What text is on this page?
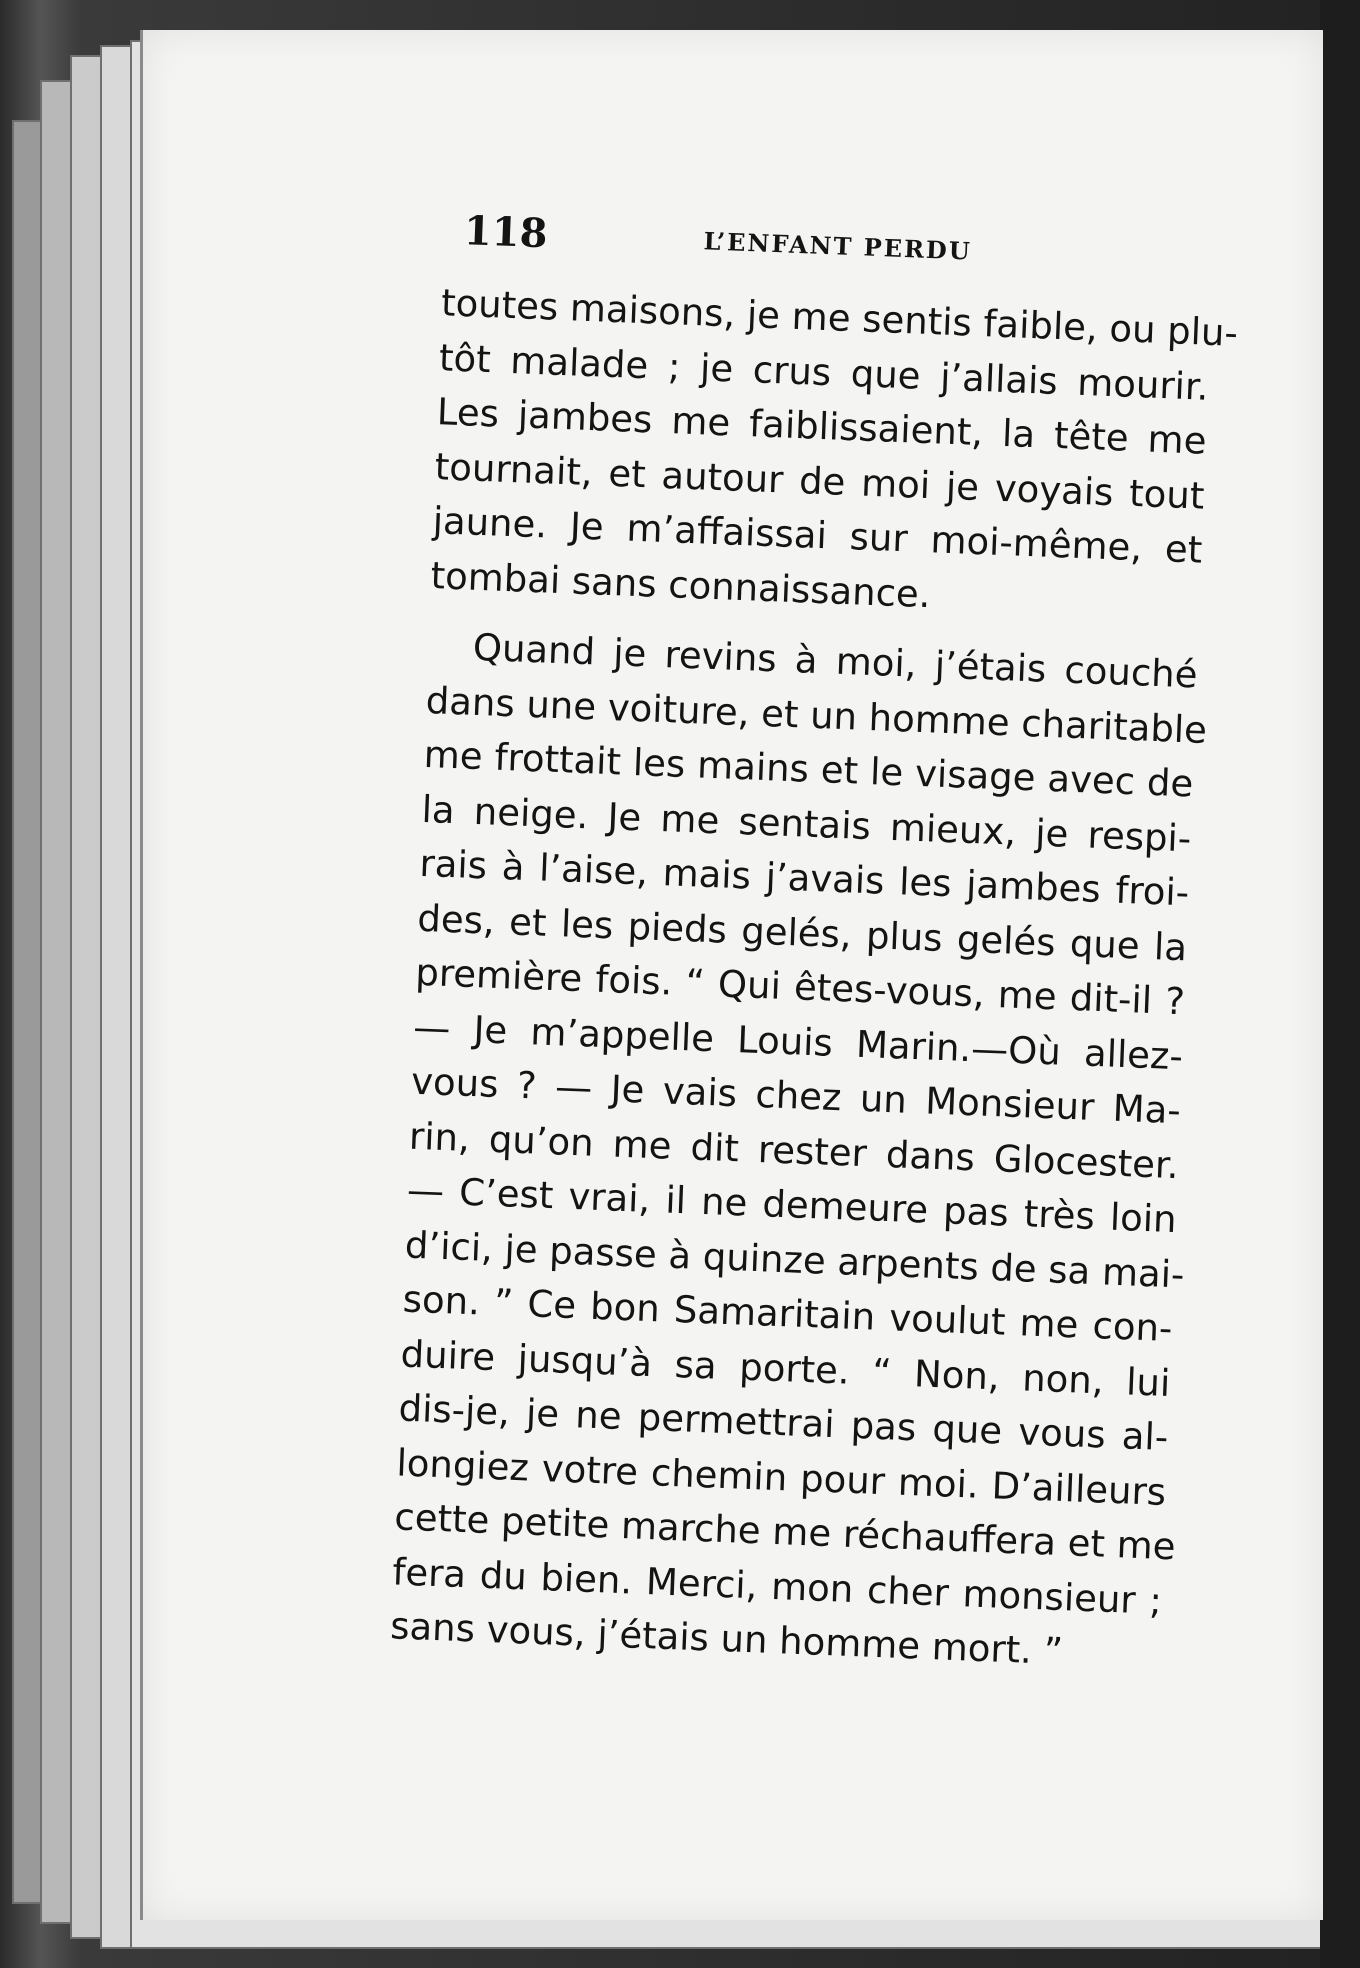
118	L’ENFANT PERDU
toutes maisons, je me sentis faible, ou plu-
tôt malade ; je crus que j’allais mourir.
Les jambes me faiblissaient, la tête me
tournait, et autour de moi je voyais tout
jaune. Je m’affaissai sur moi-même, et
tombai sans connaissance.
Quand je revins à moi, j’étais couché
dans une voiture, et un homme charitable
me frottait les mains et le visage avec de
la neige. Je me sentais mieux, je respi-
rais à l’aise, mais j’avais les jambes froi-
des, et les pieds gelés, plus gelés que la
première fois. “ Qui êtes-vous, me dit-il ?
— Je m’appelle Louis Marin.—Où allez-
vous ? — Je vais chez un Monsieur Ma-
rin, qu’on me dit rester dans Glocester.
— C’est vrai, il ne demeure pas très loin
d’ici, je passe à quinze arpents de sa mai-
son. ” Ce bon Samaritain voulut me con-
duire jusqu’à sa porte. “ Non, non, lui
dis-je, je ne permettrai pas que vous al-
longiez votre chemin pour moi. D’ailleurs
cette petite marche me réchauffera et me
fera du bien. Merci, mon cher monsieur ;
sans vous, j’étais un homme mort. ”
